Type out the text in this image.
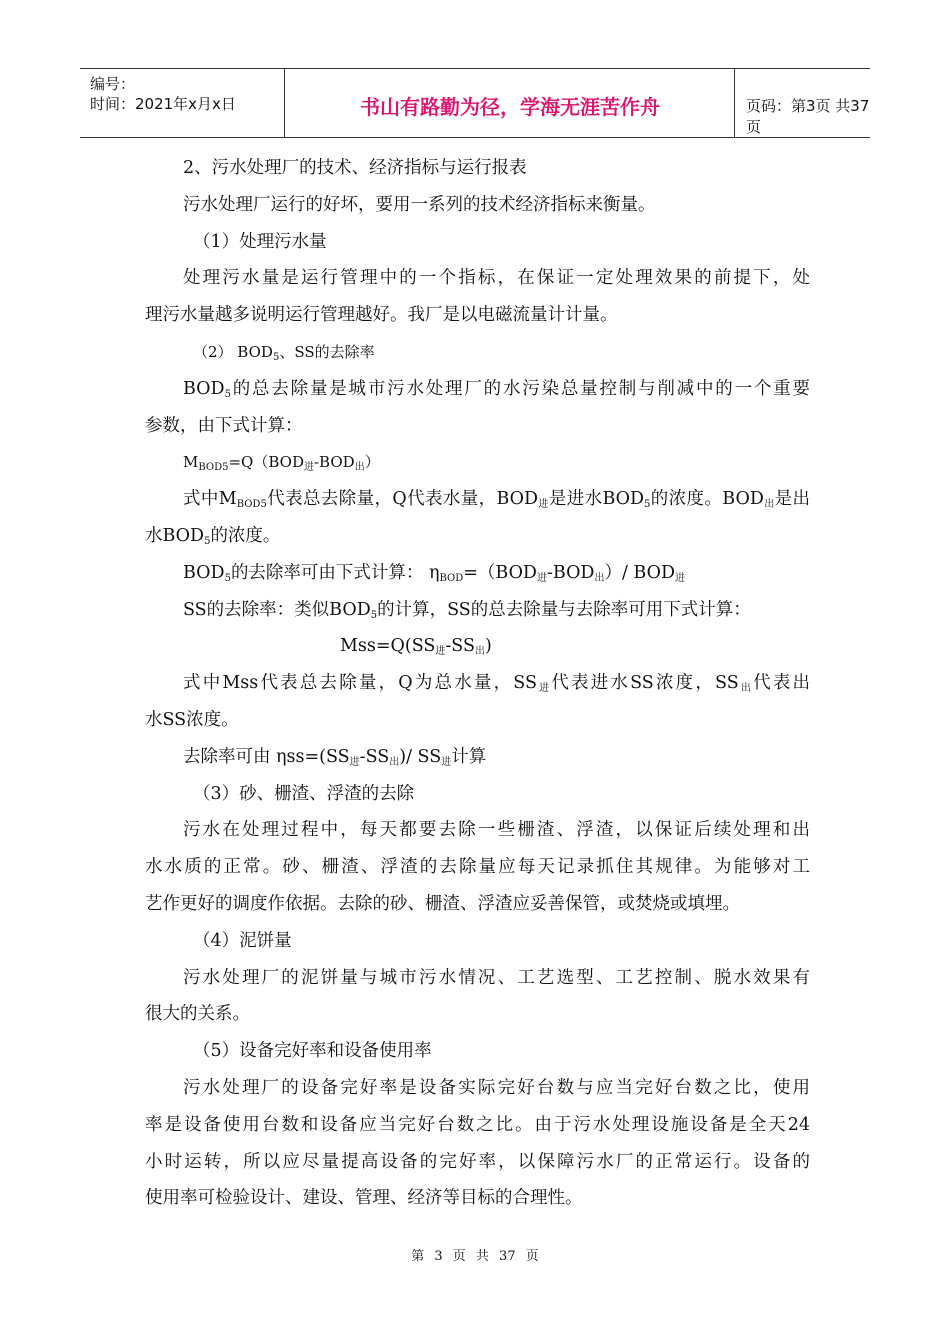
编号：
时间：2021年x月x日	书山有路勤为径，学海无涯苦作舟	页码：第3页 共37页
2、污水处理厂的技术、经济指标与运行报表
污水处理厂运行的好坏，要用一系列的技术经济指标来衡量。
（1）处理污水量
处理污水量是运行管理中的一个指标，在保证一定处理效果的前提下，处
理污水量越多说明运行管理越好。我厂是以电磁流量计计量。
（2） $BOD_5$、SS的去除率
$BOD_5$的总去除量是城市污水处理厂的水污染总量控制与削减中的一个重要
参数，由下式计算：
$M_{BOD5}=Q(BOD_进-BOD_出)$
式中$M_{BOD5}$代表总去除量，Q代表水量，$BOD_进$是进水$BOD_5$的浓度。$BOD_出$是出
水$BOD_5$的浓度。
$BOD_5$的去除率可由下式计算： $\eta_{BOD}=(BOD_进-BOD_出)/$ $BOD_进$
SS的去除率：类似$BOD_5$的计算，SS的总去除量与去除率可用下式计算：
$Mss=Q(SS_进-SS_出)$
式中Mss代表总去除量，Q为总水量，$SS_进$代表进水SS浓度，$SS_出$代表出
水SS浓度。
去除率可由 $\eta ss=(SS_进-SS_出)/$ $SS_进$计算
（3）砂、栅渣、浮渣的去除
污水在处理过程中，每天都要去除一些栅渣、浮渣，以保证后续处理和出
水水质的正常。砂、栅渣、浮渣的去除量应每天记录抓住其规律。为能够对工
艺作更好的调度作依据。去除的砂、栅渣、浮渣应妥善保管，或焚烧或填埋。
（4）泥饼量
污水处理厂的泥饼量与城市污水情况、工艺选型、工艺控制、脱水效果有
很大的关系。
（5）设备完好率和设备使用率
污水处理厂的设备完好率是设备实际完好台数与应当完好台数之比，使用
率是设备使用台数和设备应当完好台数之比。由于污水处理设施设备是全天24
小时运转，所以应尽量提高设备的完好率，以保障污水厂的正常运行。设备的
使用率可检验设计、建设、管理、经济等目标的合理性。
第 3 页 共 37 页
